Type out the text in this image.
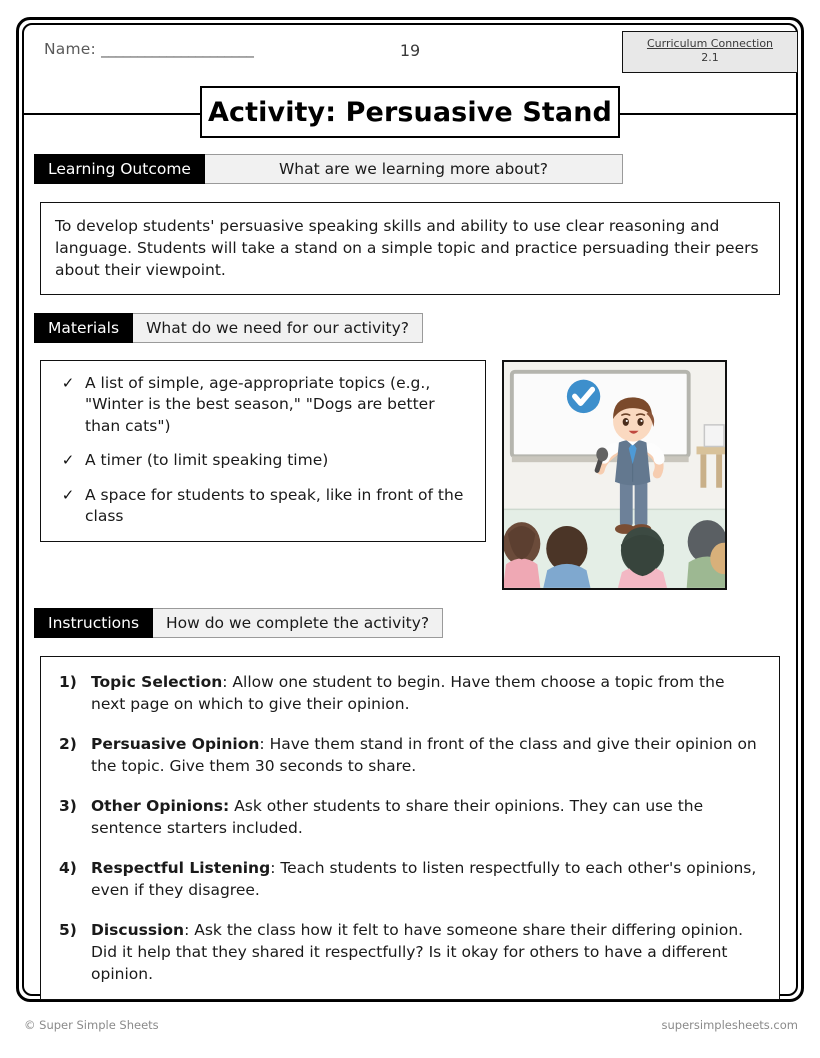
Name: _____________________	19	Curriculum Connection
2.1
Activity: Persuasive Stand
Learning Outcome	What are we learning more about?
To develop students' persuasive speaking skills and ability to use clear reasoning and language. Students will take a stand on a simple topic and practice persuading their peers about their viewpoint.
Materials	What do we need for our activity?
✓ A list of simple, age-appropriate topics (e.g., "Winter is the best season," "Dogs are better than cats")
✓ A timer (to limit speaking time)
✓ A space for students to speak, like in front of the class
Instructions	How do we complete the activity?
1) Topic Selection: Allow one student to begin. Have them choose a topic from the next page on which to give their opinion.
2) Persuasive Opinion: Have them stand in front of the class and give their opinion on the topic. Give them 30 seconds to share.
3) Other Opinions: Ask other students to share their opinions. They can use the sentence starters included.
4) Respectful Listening: Teach students to listen respectfully to each other's opinions, even if they disagree.
5) Discussion: Ask the class how it felt to have someone share their differing opinion. Did it help that they shared it respectfully? Is it okay for others to have a different opinion.
© Super Simple Sheets	supersimplesheets.com
